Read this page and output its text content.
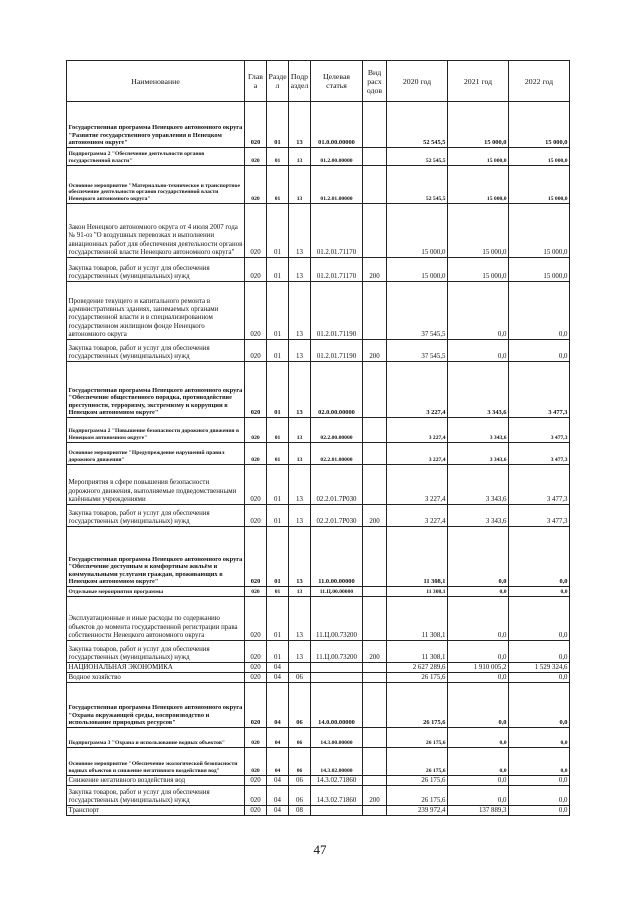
Наименование	Глав а	Разде л	Подр аздел	Целевая статья	Вид расх одов	2020 год	2021 год	2022 год
Государственная программа Ненецкого автономного округа "Развитие государственного управления в Ненецком автономном округе"	020	01	13	01.0.00.00000		52 545,5	15 000,0	15 000,0
Подпрограмма 2 "Обеспечение деятельности органов государственной власти"	020	01	13	01.2.00.00000		52 545,5	15 000,0	15 000,0
Основное мероприятие "Материально-техническое и транспортное обеспечение деятельности органов государственной власти Ненецкого автономного округа"	020	01	13	01.2.01.00000		52 545,5	15 000,0	15 000,0
Закон Ненецкого автономного округа от 4 июля 2007 года № 91-оз "О воздушных перевозках и выполнении авиационных работ для обеспечения деятельности органов государственной власти Ненецкого автономного округа"	020	01	13	01.2.01.71170		15 000,0	15 000,0	15 000,0
Закупка товаров, работ и услуг для обеспечения государственных (муниципальных) нужд	020	01	13	01.2.01.71170	200	15 000,0	15 000,0	15 000,0
Проведение текущего и капитального ремонта в административных зданиях, занимаемых органами государственной власти и в специализированном государственном жилищном фонде Ненецкого автономного округа	020	01	13	01.2.01.71190		37 545,5	0,0	0,0
Закупка товаров, работ и услуг для обеспечения государственных (муниципальных) нужд	020	01	13	01.2.01.71190	200	37 545,5	0,0	0,0
Государственная программа Ненецкого автономного округа "Обеспечение общественного порядка, противодействие преступности, терроризму, экстремизму и коррупции в Ненецком автономном округе"	020	01	13	02.0.00.00000		3 227,4	3 343,6	3 477,3
Подпрограмма 2 "Повышение безопасности дорожного движения в Ненецком автономном округе"	020	01	13	02.2.00.00000		3 227,4	3 343,6	3 477,3
Основное мероприятие "Предупреждение нарушений правил дорожного движения"	020	01	13	02.2.01.00000		3 227,4	3 343,6	3 477,3
Мероприятия в сфере повышения безопасности дорожного движения, выполняемые подведомственными казёнными учреждениями	020	01	13	02.2.01.7Р030		3 227,4	3 343,6	3 477,3
Закупка товаров, работ и услуг для обеспечения государственных (муниципальных) нужд	020	01	13	02.2.01.7Р030	200	3 227,4	3 343,6	3 477,3
Государственная программа Ненецкого автономного округа "Обеспечение доступным и комфортным жильём и коммунальными услугами граждан, проживающих в Ненецком автономном округе"	020	01	13	11.0.00.00000		11 308,1	0,0	0,0
Отдельные мероприятия программы	020	01	13	11.Ц.00.00000		11 308,1	0,0	0,0
Эксплуатационные и иные расходы по содержанию объектов до момента государственной регистрации права собственности Ненецкого автономного округа	020	01	13	11.Ц.00.73200		11 308,1	0,0	0,0
Закупка товаров, работ и услуг для обеспечения государственных (муниципальных) нужд	020	01	13	11.Ц.00.73200	200	11 308,1	0,0	0,0
НАЦИОНАЛЬНАЯ ЭКОНОМИКА	020	04				2 627 289,6	1 910 005,2	1 529 324,6
Водное хозяйство	020	04	06			26 175,6	0,0	0,0
Государственная программа Ненецкого автономного округа "Охрана окружающей среды, воспроизводство и использование природных ресурсов"	020	04	06	14.0.00.00000		26 175,6	0,0	0,0
Подпрограмма 3 "Охрана и использование водных объектов"	020	04	06	14.3.00.00000		26 175,6	0,0	0,0
Основное мероприятие "Обеспечение экологической безопасности водных объектов и снижение негативного воздействия вод"	020	04	06	14.3.02.00000		26 175,6	0,0	0,0
Снижение негативного воздействия вод	020	04	06	14.3.02.71860		26 175,6	0,0	0,0
Закупка товаров, работ и услуг для обеспечения государственных (муниципальных) нужд	020	04	06	14.3.02.71860	200	26 175,6	0,0	0,0
Транспорт	020	04	08			239 972,4	137 889,3	0,0
47
